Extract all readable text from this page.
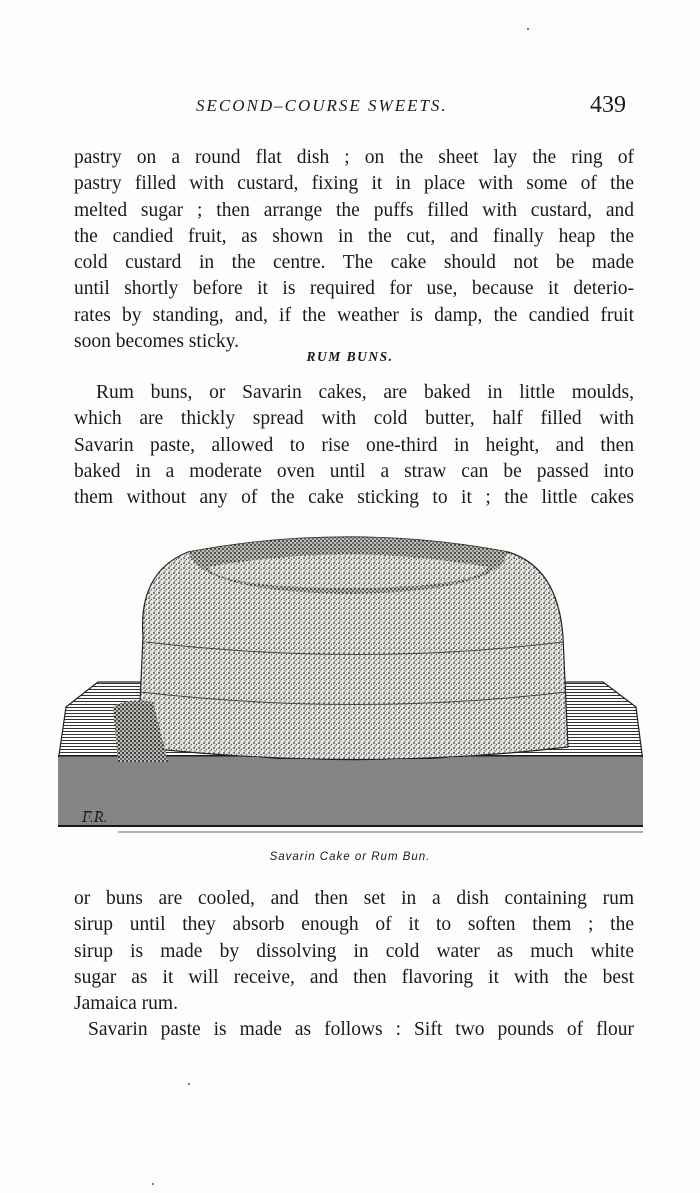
SECOND–COURSE SWEETS.	439
pastry on a round flat dish ; on the sheet lay the ring of
pastry filled with custard, fixing it in place with some of the
melted sugar ; then arrange the puffs filled with custard, and
the candied fruit, as shown in the cut, and finally heap the
cold custard in the centre. The cake should not be made
until shortly before it is required for use, because it deterio-
rates by standing, and, if the weather is damp, the candied fruit
soon becomes sticky.
RUM BUNS.
Rum buns, or Savarin cakes, are baked in little moulds,
which are thickly spread with cold butter, half filled with
Savarin paste, allowed to rise one-third in height, and then
baked in a moderate oven until a straw can be passed into
them without any of the cake sticking to it ; the little cakes
F.R.
Savarin Cake or Rum Bun.
or buns are cooled, and then set in a dish containing rum
sirup until they absorb enough of it to soften them ; the
sirup is made by dissolving in cold water as much white
sugar as it will receive, and then flavoring it with the best
Jamaica rum.
Savarin paste is made as follows : Sift two pounds of flour
